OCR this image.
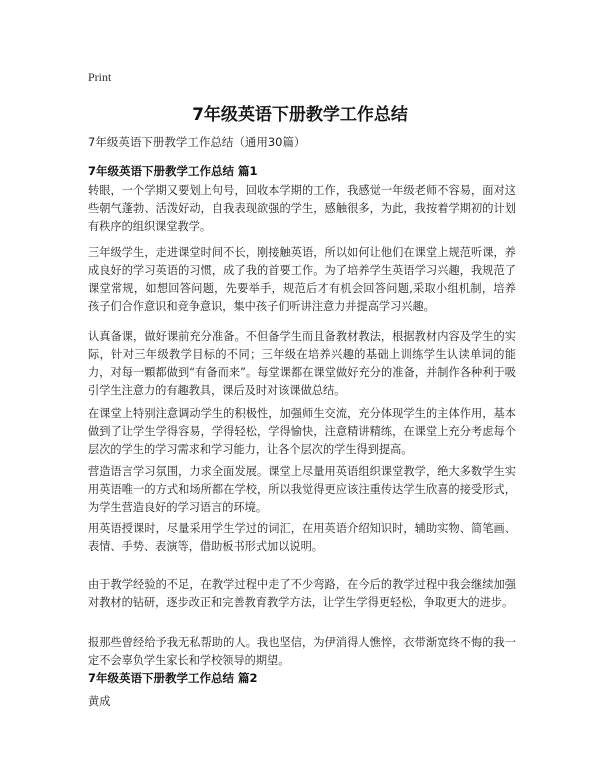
Print
7年级英语下册教学工作总结
7年级英语下册教学工作总结（通用30篇）
7年级英语下册教学工作总结 篇1

转眼，一个学期又要划上句号，回收本学期的工作，我感觉一年级老师不容易，面对这些朝气蓬勃、活泼好动，自我表现欲强的学生，感触很多，为此，我按着学期初的计划有秩序的组织课堂教学。

三年级学生，走进课堂时间不长，刚接触英语，所以如何让他们在课堂上规范听课，养成良好的学习英语的习惯，成了我的首要工作。为了培养学生英语学习兴趣，我规范了课堂常规，如想回答问题，先要举手，规范后才有机会回答问题,采取小组机制，培养孩子们合作意识和竞争意识，集中孩子们听讲注意力并提高学习兴趣。

认真备课，做好课前充分准备。不但备学生而且备教材教法，根据教材内容及学生的实际，针对三年级教学目标的不同；三年级在培养兴趣的基础上训练学生认读单词的能力，对每一顆都做到“有备而来”。每堂课都在课堂做好充分的准备，并制作各种利于吸引学生注意力的有趣教具，课后及时对该课做总结。

在课堂上特别注意调动学生的积极性，加强师生交流，充分体现学生的主体作用，基本做到了让学生学得容易，学得轻松，学得愉快，注意精讲精练，在课堂上充分考虑每个层次的学生的学习需求和学习能力，让各个层次的学生得到提高。

营造语言学习氛围，力求全面发展。课堂上尽量用英语组织课堂教学，绝大多数学生实用英语唯一的方式和场所都在学校，所以我觉得更应该注重传达学生欣喜的接受形式，为学生营造良好的学习语言的环境。

用英语授课时，尽量采用学生学过的词汇，在用英语介绍知识时，辅助实物、简笔画、表情、手势、表演等，借助板书形式加以说明。

由于教学经验的不足，在教学过程中走了不少弯路，在今后的教学过程中我会继续加强对教材的钻研，逐步改正和完善教育教学方法，让学生学得更轻松，争取更大的进步。

报那些曾经给予我无私帮助的人。我也坚信，为伊消得人憔悴，衣带渐宽终不悔的我一定不会辜负学生家长和学校领导的期望。

7年级英语下册教学工作总结 篇2

黄成
